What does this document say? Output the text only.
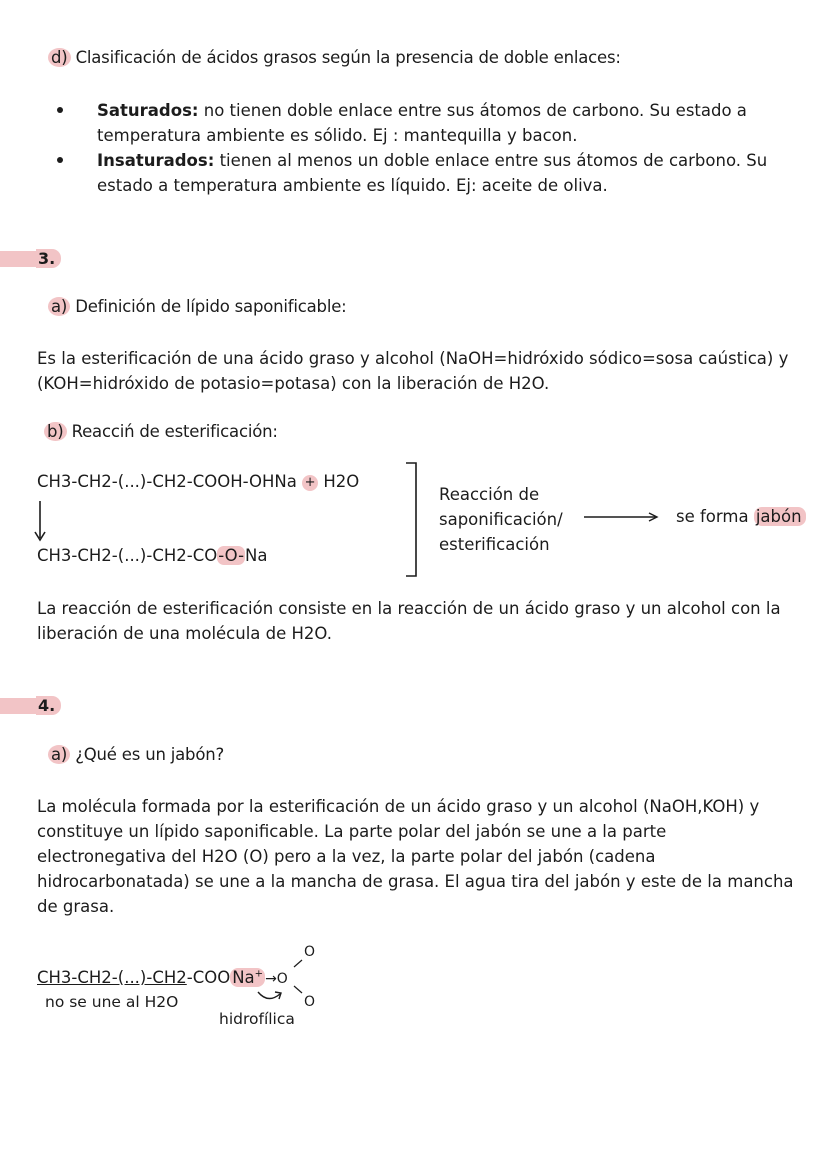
d) Clasificación de ácidos grasos según la presencia de doble enlaces:
Saturados: no tienen doble enlace entre sus átomos de carbono. Su estado a
temperatura ambiente es sólido. Ej : mantequilla y bacon.
Insaturados: tienen al menos un doble enlace entre sus átomos de carbono. Su
estado a temperatura ambiente es líquido. Ej: aceite de oliva.
3.
a) Definición de lípido saponificable:
Es la esterificación de una ácido graso y alcohol (NaOH=hidróxido sódico=sosa caústica) y
(KOH=hidróxido de potasio=potasa) con la liberación de H2O.
b) Reacciń de esterificación:
CH3-CH2-(...)-CH2-COOH-OHNa + H2O
CH3-CH2-(...)-CH2-CO-O-Na
Reacción de
saponificación/
esterificación
se forma jabón
La reacción de esterificación consiste en la reacción de un ácido graso y un alcohol con la
liberación de una molécula de H2O.
4.
a) ¿Qué es un jabón?
La molécula formada por la esterificación de un ácido graso y un alcohol (NaOH,KOH) y
constituye un lípido saponificable. La parte polar del jabón se une a la parte
electronegativa del H2O (O) pero a la vez, la parte polar del jabón (cadena
hidrocarbonatada) se une a la mancha de grasa. El agua tira del jabón y este de la mancha
de grasa.
CH3-CH2-(...)-CH2-COO Na+ →O
O
O
no se une al H2O
hidrofílica
